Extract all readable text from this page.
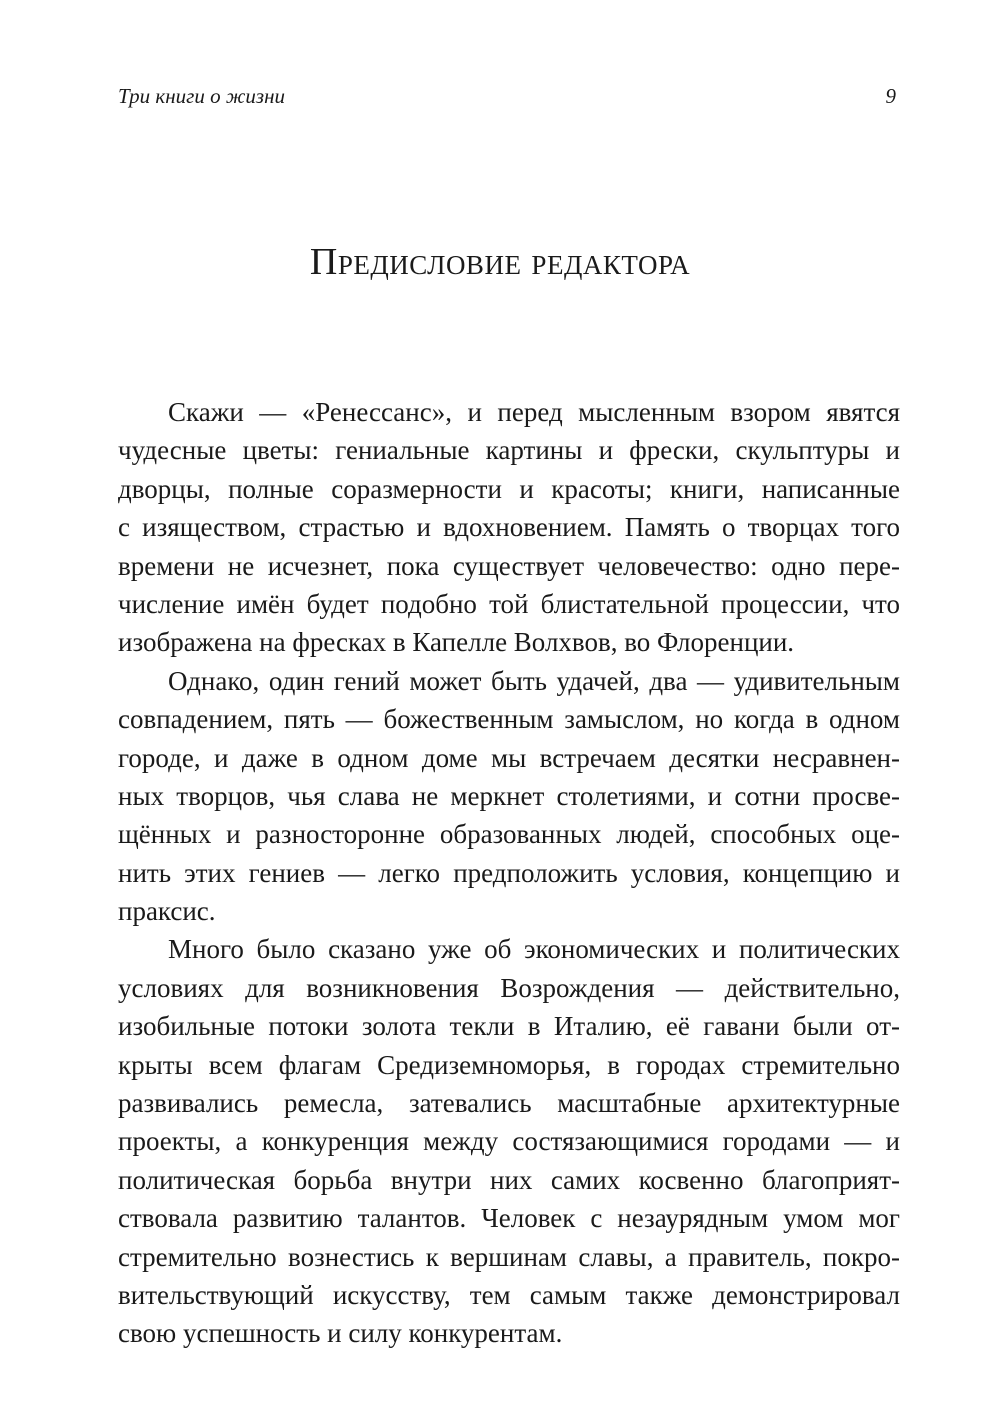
Три книги о жизни	9
Предисловие редактора
Скажи — «Ренессанс», и перед мысленным взором явятся
чудесные цветы: гениальные картины и фрески, скульптуры и
дворцы, полные соразмерности и красоты; книги, написанные
с изяществом, страстью и вдохновением. Память о творцах того
времени не исчезнет, пока существует человечество: одно пере-
числение имён будет подобно той блистательной процессии, что
изображена на фресках в Капелле Волхвов, во Флоренции.
Однако, один гений может быть удачей, два — удивительным
совпадением, пять — божественным замыслом, но когда в одном
городе, и даже в одном доме мы встречаем десятки несравнен-
ных творцов, чья слава не меркнет столетиями, и сотни просве-
щённых и разносторонне образованных людей, способных оце-
нить этих гениев — легко предположить условия, концепцию и
праксис.
Много было сказано уже об экономических и политических
условиях для возникновения Возрождения — действительно,
изобильные потоки золота текли в Италию, её гавани были от-
крыты всем флагам Средиземноморья, в городах стремительно
развивались ремесла, затевались масштабные архитектурные
проекты, а конкуренция между состязающимися городами — и
политическая борьба внутри них самих косвенно благоприят-
ствовала развитию талантов. Человек с незаурядным умом мог
стремительно вознестись к вершинам славы, а правитель, покро-
вительствующий искусству, тем самым также демонстрировал
свою успешность и силу конкурентам.
